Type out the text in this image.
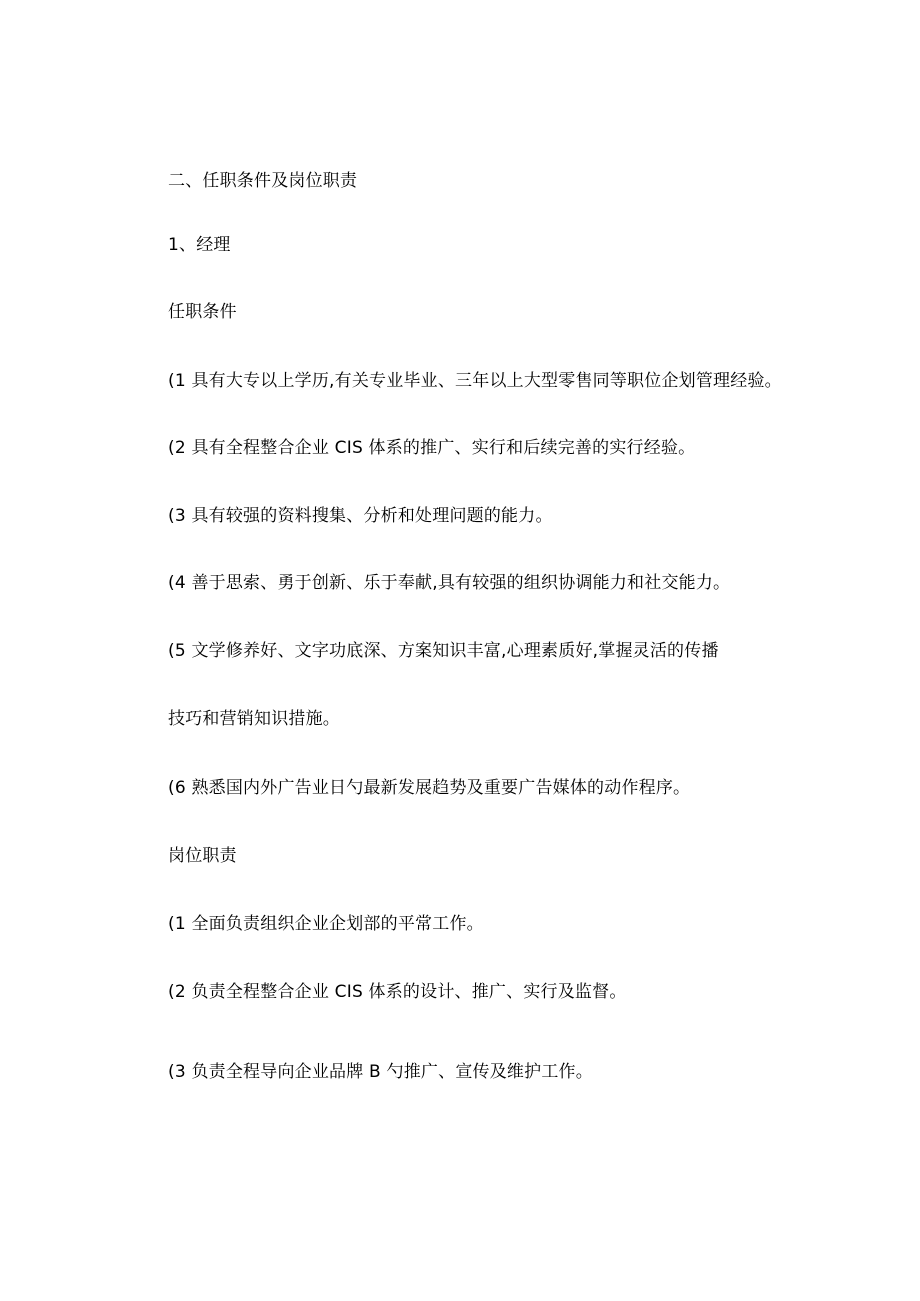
二、任职条件及岗位职责
1、经理
任职条件
(1 具有大专以上学历,有关专业毕业、三年以上大型零售同等职位企划管理经验。
(2 具有全程整合企业 CIS 体系的推广、实行和后续完善的实行经验。
(3 具有较强的资料搜集、分析和处理问题的能力。
(4 善于思索、勇于创新、乐于奉献,具有较强的组织协调能力和社交能力。
(5 文学修养好、文字功底深、方案知识丰富,心理素质好,掌握灵活的传播
技巧和营销知识措施。
(6 熟悉国内外广告业日勺最新发展趋势及重要广告媒体的动作程序。
岗位职责
(1 全面负责组织企业企划部的平常工作。
(2 负责全程整合企业 CIS 体系的设计、推广、实行及监督。
(3 负责全程导向企业品牌 B 勺推广、宣传及维护工作。
